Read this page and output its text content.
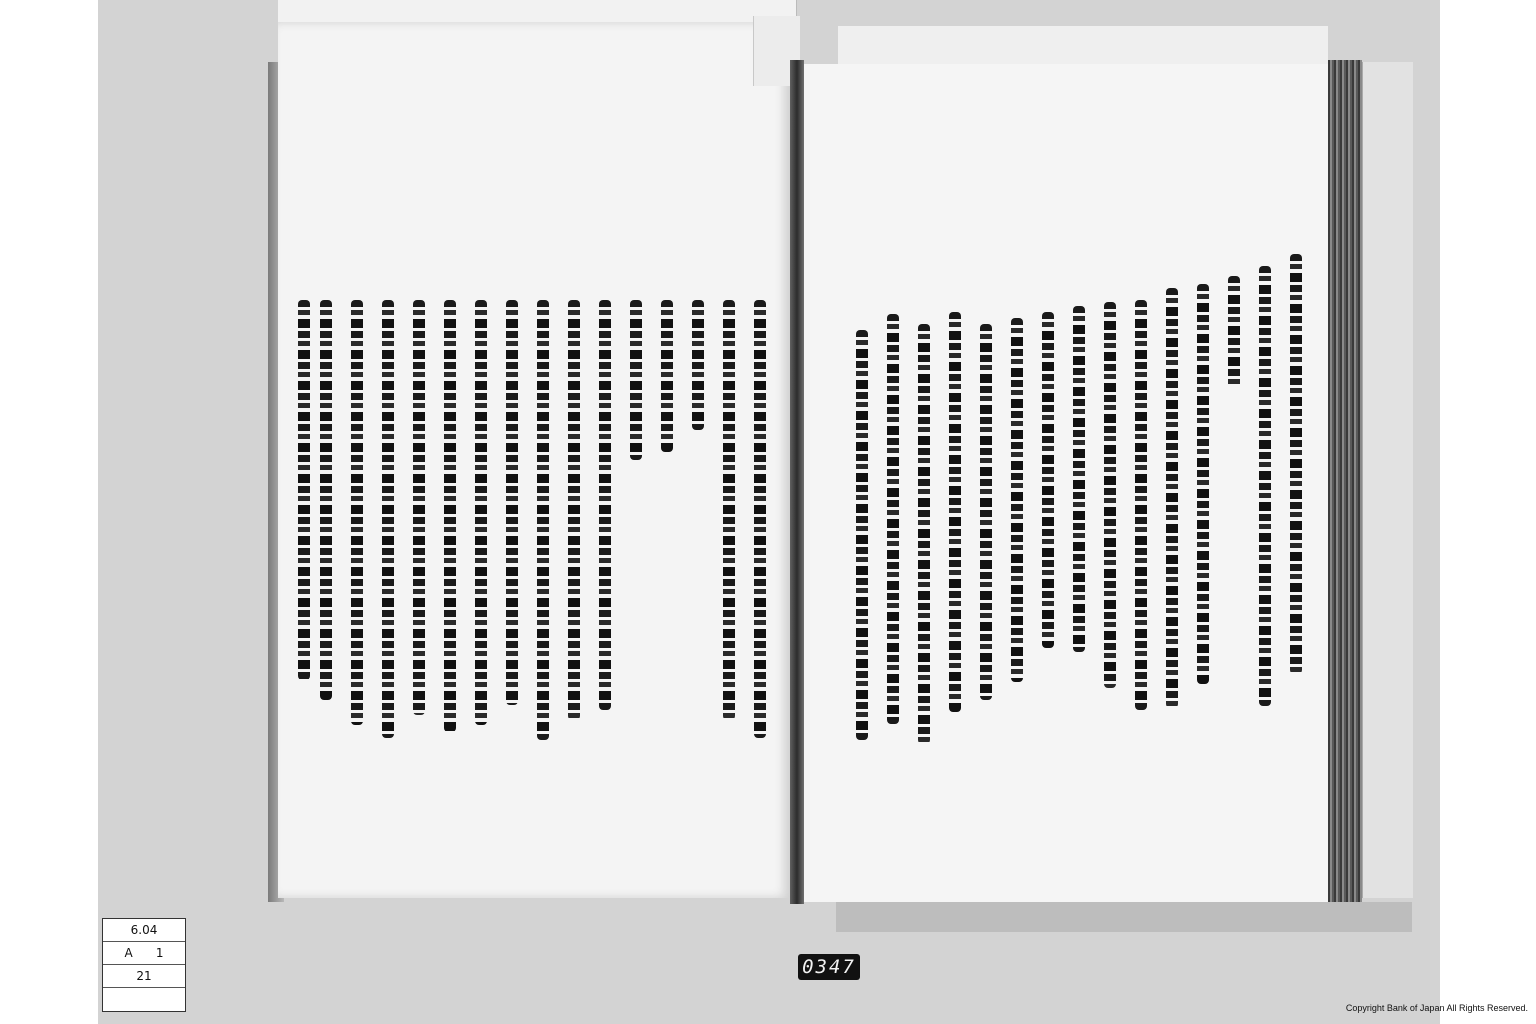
6.04
A 1
21	0347
Copyright Bank of Japan All Rights Reserved.
